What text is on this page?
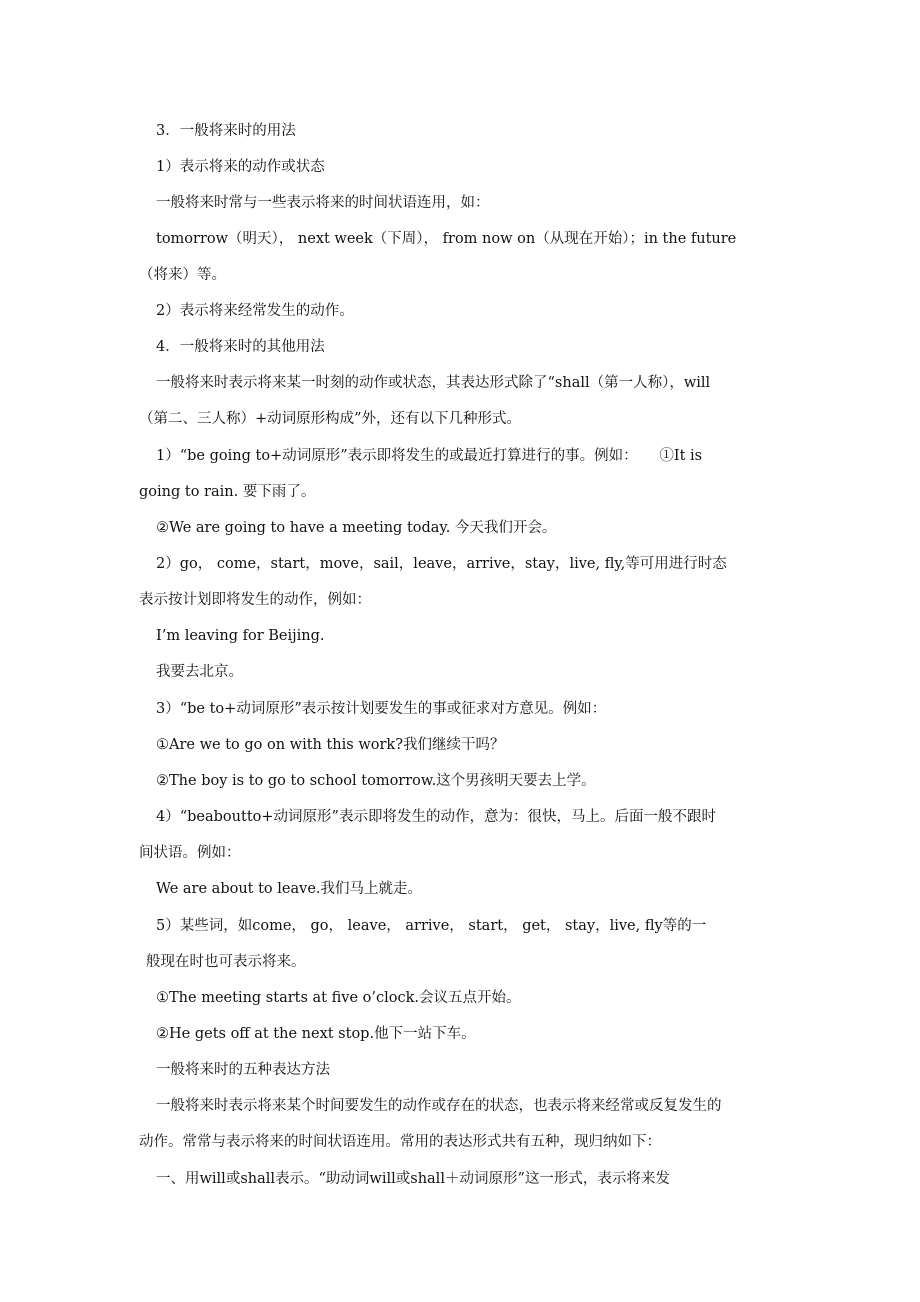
3．一般将来时的用法
1）表示将来的动作或状态
一般将来时常与一些表示将来的时间状语连用，如：
tomorrow（明天）， next week（下周）， from now on（从现在开始）；in the future
（将来）等。
2）表示将来经常发生的动作。
4．一般将来时的其他用法
一般将来时表示将来某一时刻的动作或状态，其表达形式除了“shall（第一人称），will
（第二、三人称）+动词原形构成”外，还有以下几种形式。
1）“be going to+动词原形”表示即将发生的或最近打算进行的事。例如：　　①It is
going to rain. 要下雨了。
②We are going to have a meeting today. 今天我们开会。
2）go， come，start，move，sail，leave，arrive，stay，live, fly,等可用进行时态
表示按计划即将发生的动作，例如：
I’m leaving for Beijing.
我要去北京。
3）“be to+动词原形”表示按计划要发生的事或征求对方意见。例如：
①Are we to go on with this work?我们继续干吗？
②The boy is to go to school tomorrow.这个男孩明天要去上学。
4）“beaboutto+动词原形”表示即将发生的动作，意为：很快，马上。后面一般不跟时
间状语。例如：
We are about to leave.我们马上就走。
5）某些词，如come， go， leave， arrive， start， get， stay，live, fly等的一
般现在时也可表示将来。
①The meeting starts at five o’clock.会议五点开始。
②He gets off at the next stop.他下一站下车。
一般将来时的五种表达方法
一般将来时表示将来某个时间要发生的动作或存在的状态，也表示将来经常或反复发生的
动作。常常与表示将来的时间状语连用。常用的表达形式共有五种，现归纳如下：
一、用will或shall表示。“助动词will或shall＋动词原形”这一形式，表示将来发
